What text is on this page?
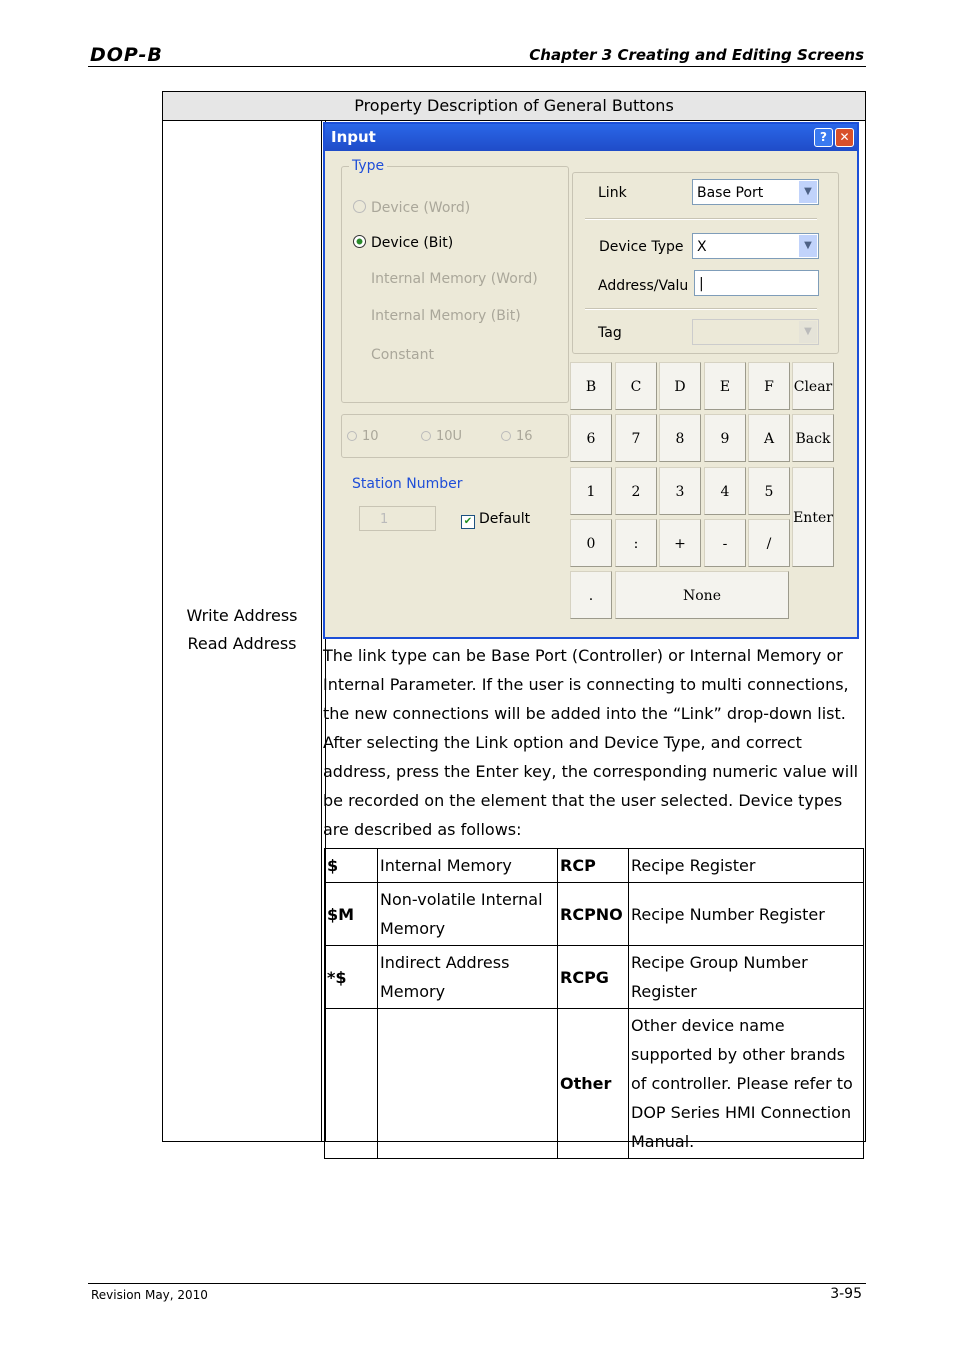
DOP-B	Chapter 3 Creating and Editing Screens
Property Description of General Buttons
Write Address
Read Address
Input	?	✕
Type
Device (Word)
Device (Bit)
Internal Memory (Word)
Internal Memory (Bit)
Constant
10	10U	16
Station Number
1	✔ Default
Link	Base Port	▼
Device Type X	▼
Address/Valu |
Tag	▼
B	C	D	E	F	Clear
6	7	8	9	A	Back
1	2	3	4	5
Enter
0	:	+	-	/
.	None
The link type can be Base Port (Controller) or Internal Memory or
Internal Parameter. If the user is connecting to multi connections,
the new connections will be added into the “Link” drop-down list.
After selecting the Link option and Device Type, and correct
address, press the Enter key, the corresponding numeric value will
be recorded on the element that the user selected. Device types
are described as follows:
$	Internal Memory	RCP	Recipe Register
$M	Non-volatile Internal Memory	RCPNO	Recipe Number Register
*$	Indirect Address Memory	RCPG	Recipe Group Number Register
		Other	Other device name supported by other brands of controller. Please refer to DOP Series HMI Connection Manual.
Revision May, 2010	3-95
